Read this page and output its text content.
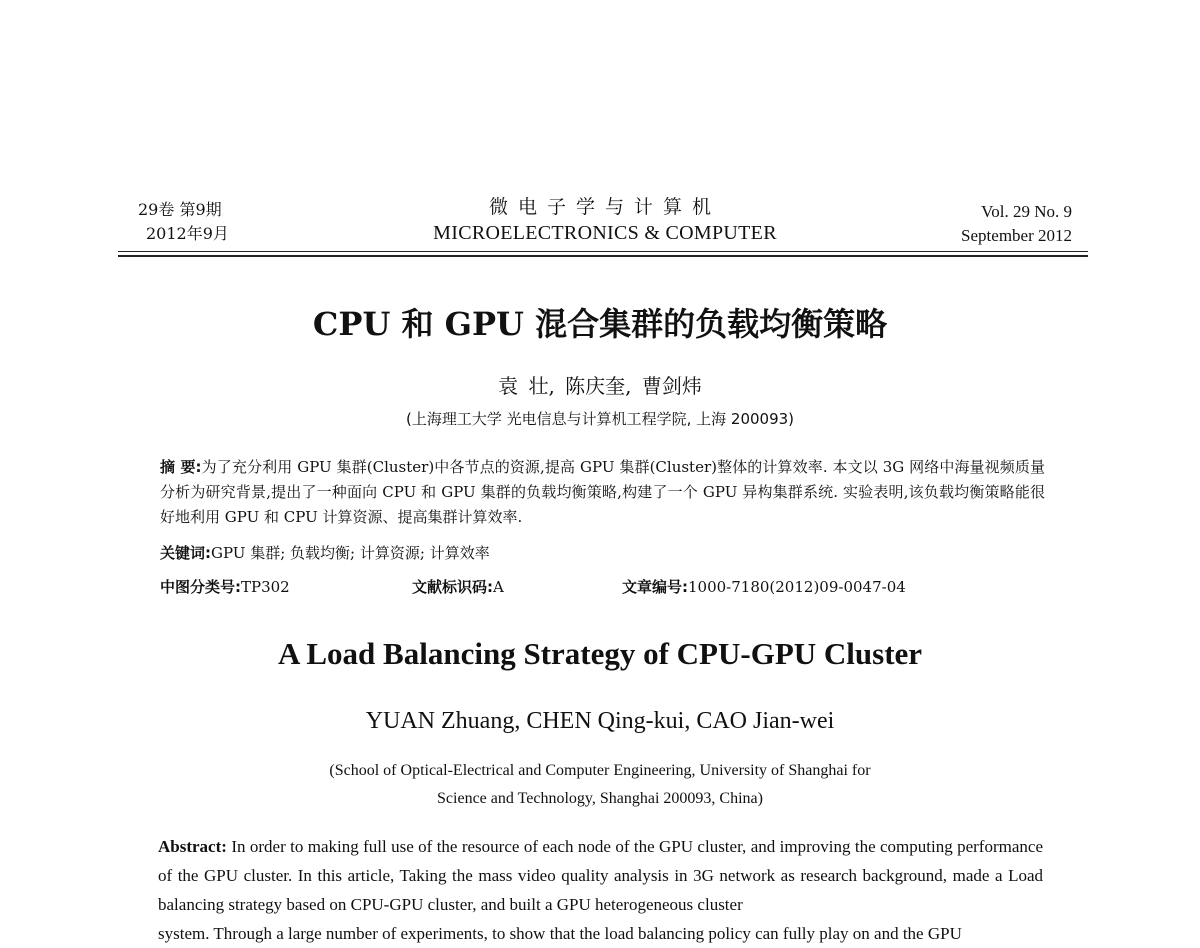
29卷 第9期
2012年9月
微电子学与计算机
MICROELECTRONICS & COMPUTER
Vol. 29 No. 9
September 2012
CPU 和 GPU 混合集群的负载均衡策略
袁 壮, 陈庆奎, 曹剑炜
(上海理工大学 光电信息与计算机工程学院, 上海 200093)
摘 要:为了充分利用 GPU 集群(Cluster)中各节点的资源,提高 GPU 集群(Cluster)整体的计算效率. 本文以 3G 网络中海量视频质量分析为研究背景,提出了一种面向 CPU 和 GPU 集群的负载均衡策略,构建了一个 GPU 异构集群系统. 实验表明,该负载均衡策略能很好地利用 GPU 和 CPU 计算资源、提高集群计算效率.
关键词:GPU 集群; 负载均衡; 计算资源; 计算效率
中图分类号:TP302	文献标识码:A	文章编号:1000-7180(2012)09-0047-04
A Load Balancing Strategy of CPU-GPU Cluster
YUAN Zhuang, CHEN Qing-kui, CAO Jian-wei
(School of Optical-Electrical and Computer Engineering, University of Shanghai for
Science and Technology, Shanghai 200093, China)
Abstract: In order to making full use of the resource of each node of the GPU cluster, and improving the computing performance of the GPU cluster. In this article, Taking the mass video quality analysis in 3G network as research background, made a Load balancing strategy based on CPU-GPU cluster, and built a GPU heterogeneous cluster
system. Through a large number of experiments, to show that the load balancing policy can fully play on and the GPU
